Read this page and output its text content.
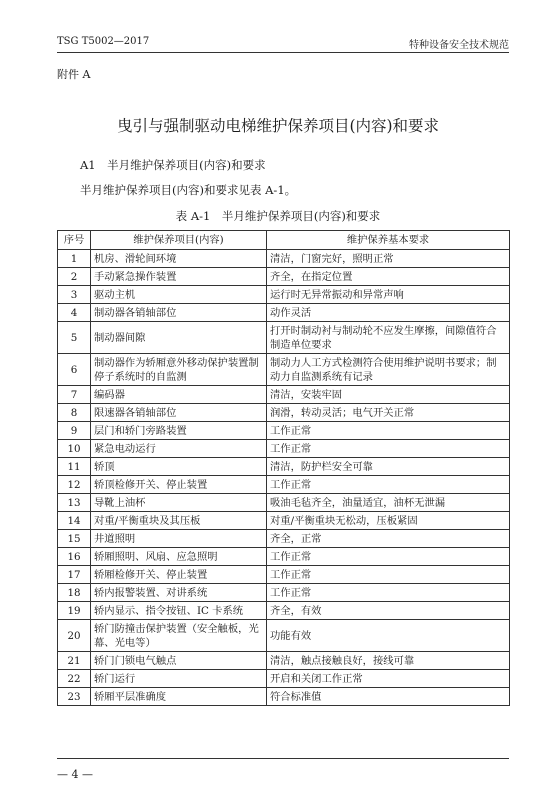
TSG T5002—2017	特种设备安全技术规范
附件 A
曳引与强制驱动电梯维护保养项目(内容)和要求
A1　半月维护保养项目(内容)和要求
半月维护保养项目(内容)和要求见表 A-1。
表 A-1　半月维护保养项目(内容)和要求
序号	维护保养项目(内容)	维护保养基本要求
1	机房、滑轮间环境	清洁，门窗完好，照明正常
2	手动紧急操作装置	齐全，在指定位置
3	驱动主机	运行时无异常振动和异常声响
4	制动器各销轴部位	动作灵活
5	制动器间隙	打开时制动衬与制动轮不应发生摩擦，间隙值符合制造单位要求
6	制动器作为轿厢意外移动保护装置制停子系统时的自监测	制动力人工方式检测符合使用维护说明书要求；制动力自监测系统有记录
7	编码器	清洁，安装牢固
8	限速器各销轴部位	润滑，转动灵活；电气开关正常
9	层门和轿门旁路装置	工作正常
10	紧急电动运行	工作正常
11	轿顶	清洁，防护栏安全可靠
12	轿顶检修开关、停止装置	工作正常
13	导靴上油杯	吸油毛毡齐全，油量适宜，油杯无泄漏
14	对重/平衡重块及其压板	对重/平衡重块无松动，压板紧固
15	井道照明	齐全，正常
16	轿厢照明、风扇、应急照明	工作正常
17	轿厢检修开关、停止装置	工作正常
18	轿内报警装置、对讲系统	工作正常
19	轿内显示、指令按钮、IC 卡系统	齐全，有效
20	轿门防撞击保护装置（安全触板，光幕、光电等）	功能有效
21	轿门门锁电气触点	清洁，触点接触良好，接线可靠
22	轿门运行	开启和关闭工作正常
23	轿厢平层准确度	符合标准值
— 4 —
